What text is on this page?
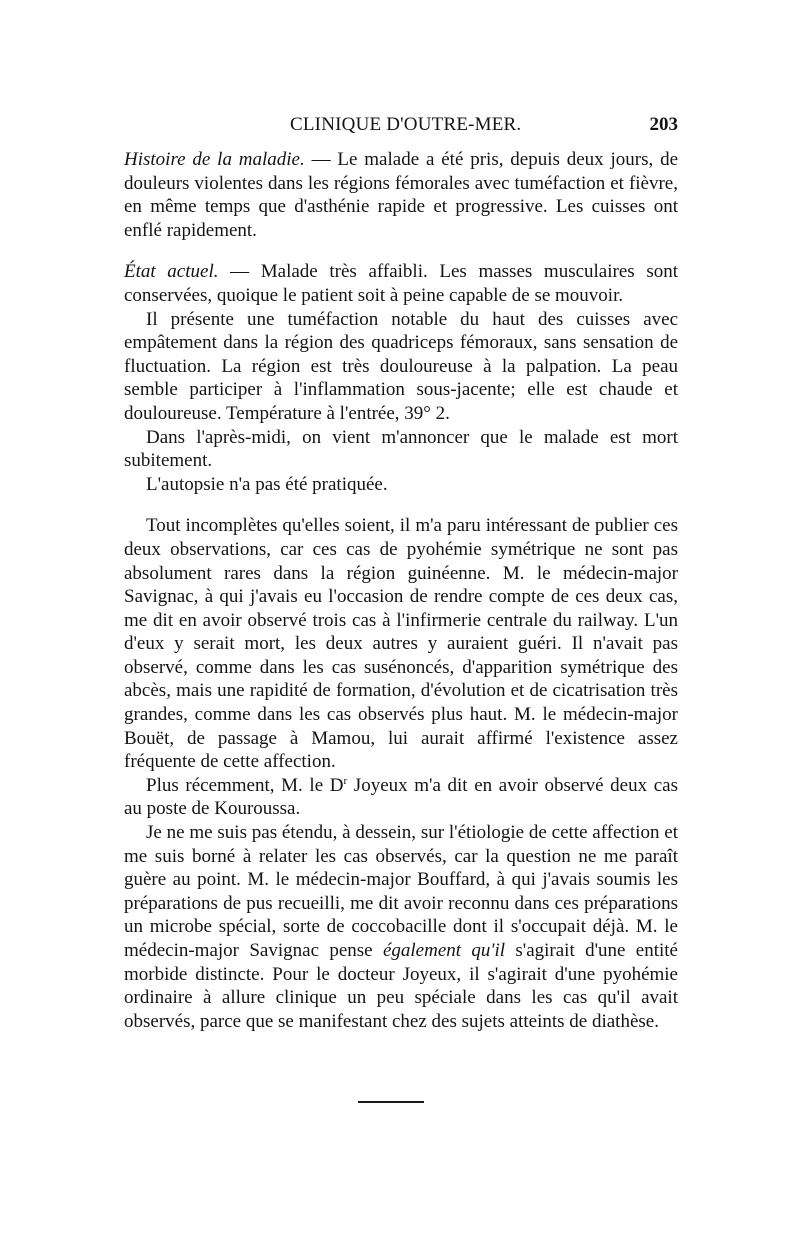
CLINIQUE D'OUTRE-MER.	203

Histoire de la maladie. — Le malade a été pris, depuis deux jours, de douleurs violentes dans les régions fémorales avec tuméfaction et fièvre, en même temps que d'asthénie rapide et progressive. Les cuisses ont enflé rapidement.

État actuel. — Malade très affaibli. Les masses musculaires sont conservées, quoique le patient soit à peine capable de se mouvoir.

Il présente une tuméfaction notable du haut des cuisses avec empâtement dans la région des quadriceps fémoraux, sans sensation de fluctuation. La région est très douloureuse à la palpation. La peau semble participer à l'inflammation sous-jacente; elle est chaude et douloureuse. Température à l'entrée, 39° 2.

Dans l'après-midi, on vient m'annoncer que le malade est mort subitement.

L'autopsie n'a pas été pratiquée.

Tout incomplètes qu'elles soient, il m'a paru intéressant de publier ces deux observations, car ces cas de pyohémie symétrique ne sont pas absolument rares dans la région guinéenne. M. le médecin-major Savignac, à qui j'avais eu l'occasion de rendre compte de ces deux cas, me dit en avoir observé trois cas à l'infirmerie centrale du railway. L'un d'eux y serait mort, les deux autres y auraient guéri. Il n'avait pas observé, comme dans les cas susénoncés, d'apparition symétrique des abcès, mais une rapidité de formation, d'évolution et de cicatrisation très grandes, comme dans les cas observés plus haut. M. le médecin-major Bouët, de passage à Mamou, lui aurait affirmé l'existence assez fréquente de cette affection.

Plus récemment, M. le $D^r$ Joyeux m'a dit en avoir observé deux cas au poste de Kouroussa.

Je ne me suis pas étendu, à dessein, sur l'étiologie de cette affection et me suis borné à relater les cas observés, car la question ne me paraît guère au point. M. le médecin-major Bouffard, à qui j'avais soumis les préparations de pus recueilli, me dit avoir reconnu dans ces préparations un microbe spécial, sorte de coccobacille dont il s'occupait déjà. M. le médecin-major Savignac pense également qu'il s'agirait d'une entité morbide distincte. Pour le docteur Joyeux, il s'agirait d'une pyohémie ordinaire à allure clinique un peu spéciale dans les cas qu'il avait observés, parce que se manifestant chez des sujets atteints de diathèse.
